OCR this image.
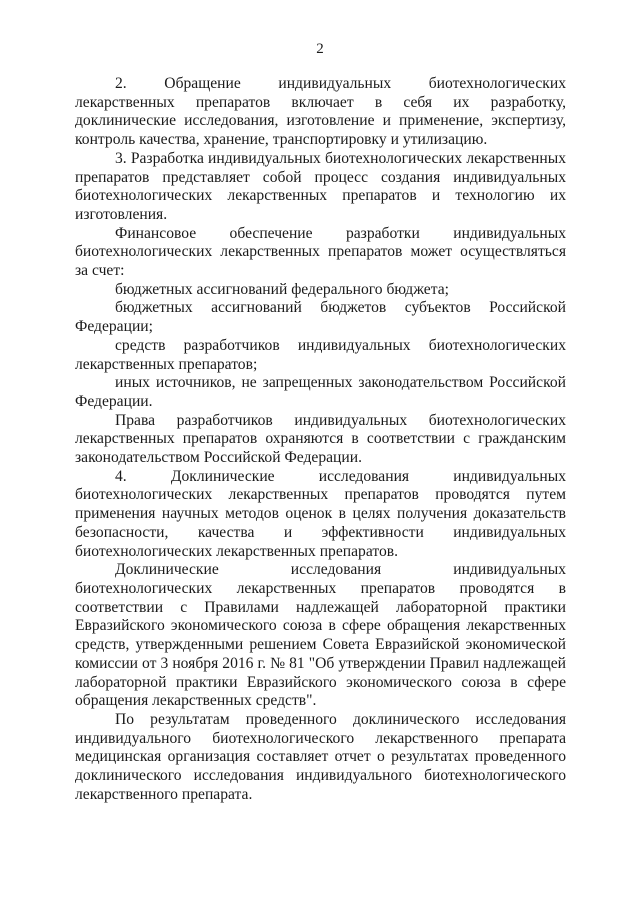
2

2. Обращение индивидуальных биотехнологических лекарственных препаратов включает в себя их разработку, доклинические исследования, изготовление и применение, экспертизу, контроль качества, хранение, транспортировку и утилизацию.

3. Разработка индивидуальных биотехнологических лекарственных препаратов представляет собой процесс создания индивидуальных биотехнологических лекарственных препаратов и технологию их изготовления.

Финансовое обеспечение разработки индивидуальных биотехнологических лекарственных препаратов может осуществляться за счет:

бюджетных ассигнований федерального бюджета;

бюджетных ассигнований бюджетов субъектов Российской Федерации;

средств разработчиков индивидуальных биотехнологических лекарственных препаратов;

иных источников, не запрещенных законодательством Российской Федерации.

Права разработчиков индивидуальных биотехнологических лекарственных препаратов охраняются в соответствии с гражданским законодательством Российской Федерации.

4. Доклинические исследования индивидуальных биотехнологических лекарственных препаратов проводятся путем применения научных методов оценок в целях получения доказательств безопасности, качества и эффективности индивидуальных биотехнологических лекарственных препаратов.

Доклинические исследования индивидуальных биотехнологических лекарственных препаратов проводятся в соответствии с Правилами надлежащей лабораторной практики Евразийского экономического союза в сфере обращения лекарственных средств, утвержденными решением Совета Евразийской экономической комиссии от 3 ноября 2016 г. № 81 "Об утверждении Правил надлежащей лабораторной практики Евразийского экономического союза в сфере обращения лекарственных средств".

По результатам проведенного доклинического исследования индивидуального биотехнологического лекарственного препарата медицинская организация составляет отчет о результатах проведенного доклинического исследования индивидуального биотехнологического лекарственного препарата.
